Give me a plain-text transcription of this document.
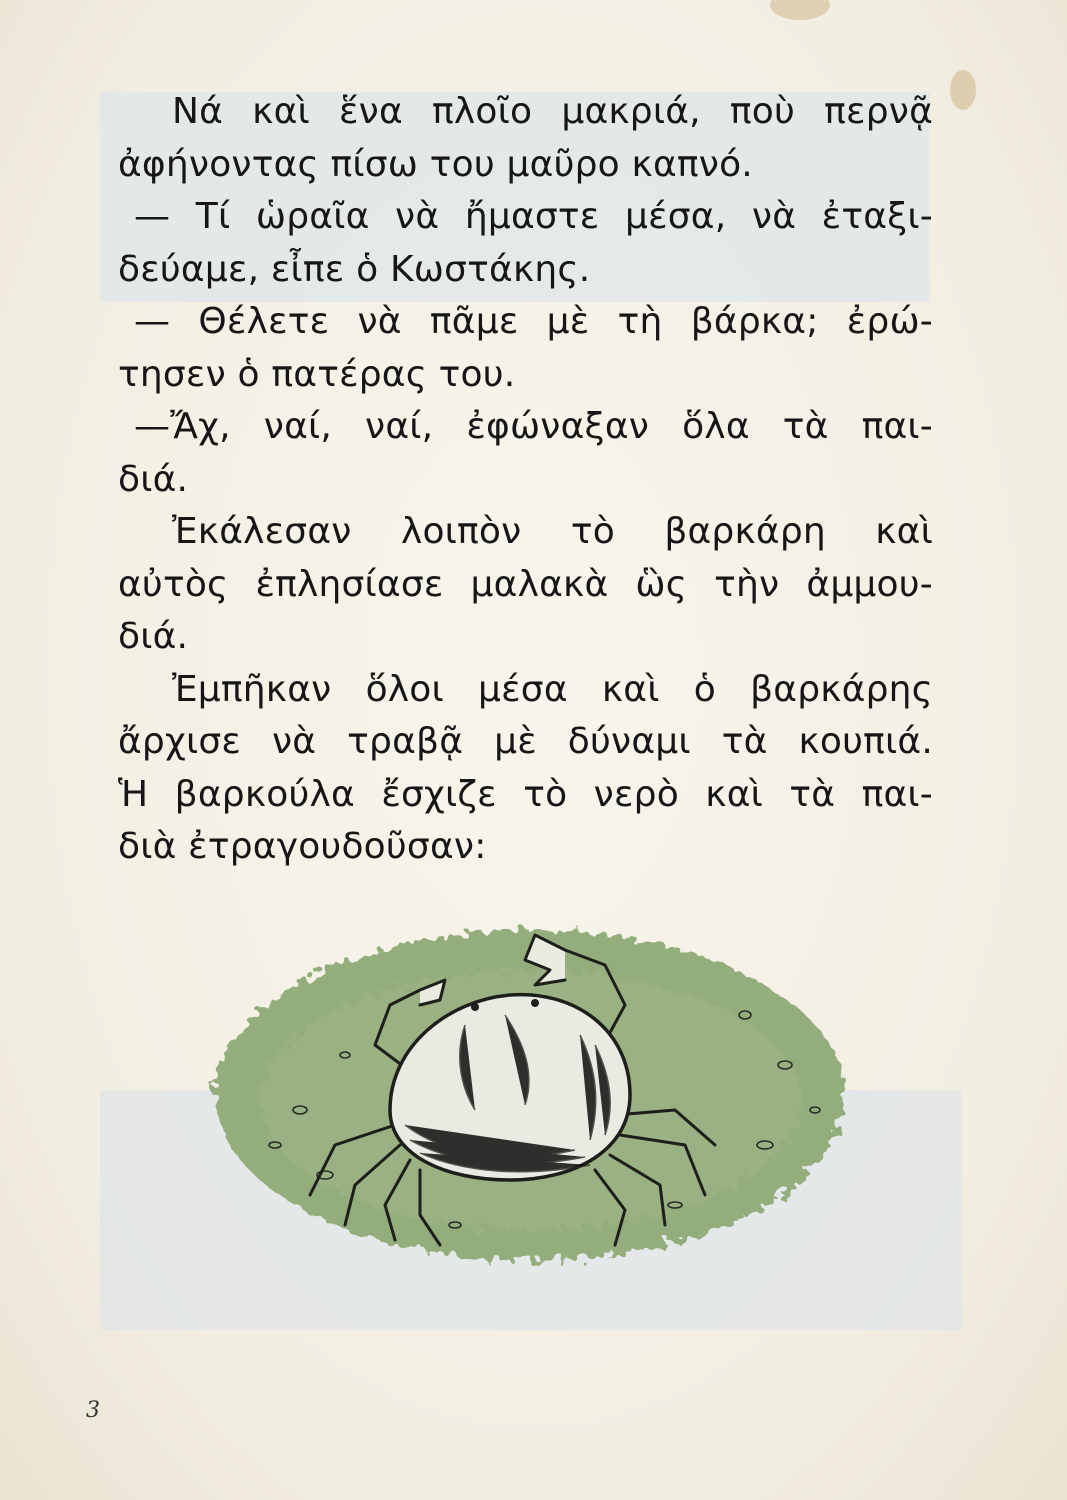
Νά καὶ ἕνα πλοῖο μακριά, ποὺ περνᾷ
ἀφήνοντας πίσω του μαῦρο καπνό.
— Τί ὡραῖα νὰ ἤμαστε μέσα, νὰ ἐταξι-
δεύαμε, εἶπε ὁ Κωστάκης.
— Θέλετε νὰ πᾶμε μὲ τὴ βάρκα; ἐρώ-
τησεν ὁ πατέρας του.
—Ἄχ, ναί, ναί, ἐφώναξαν ὅλα τὰ παι-
διά.
Ἐκάλεσαν λοιπὸν τὸ βαρκάρη καὶ
αὐτὸς ἐπλησίασε μαλακὰ ὣς τὴν ἀμμου-
διά.
Ἐμπῆκαν ὅλοι μέσα καὶ ὁ βαρκάρης
ἄρχισε νὰ τραβᾷ μὲ δύναμι τὰ κουπιά.
Ἡ βαρκούλα ἔσχιζε τὸ νερὸ καὶ τὰ παι-
διὰ ἐτραγουδοῦσαν:
3
